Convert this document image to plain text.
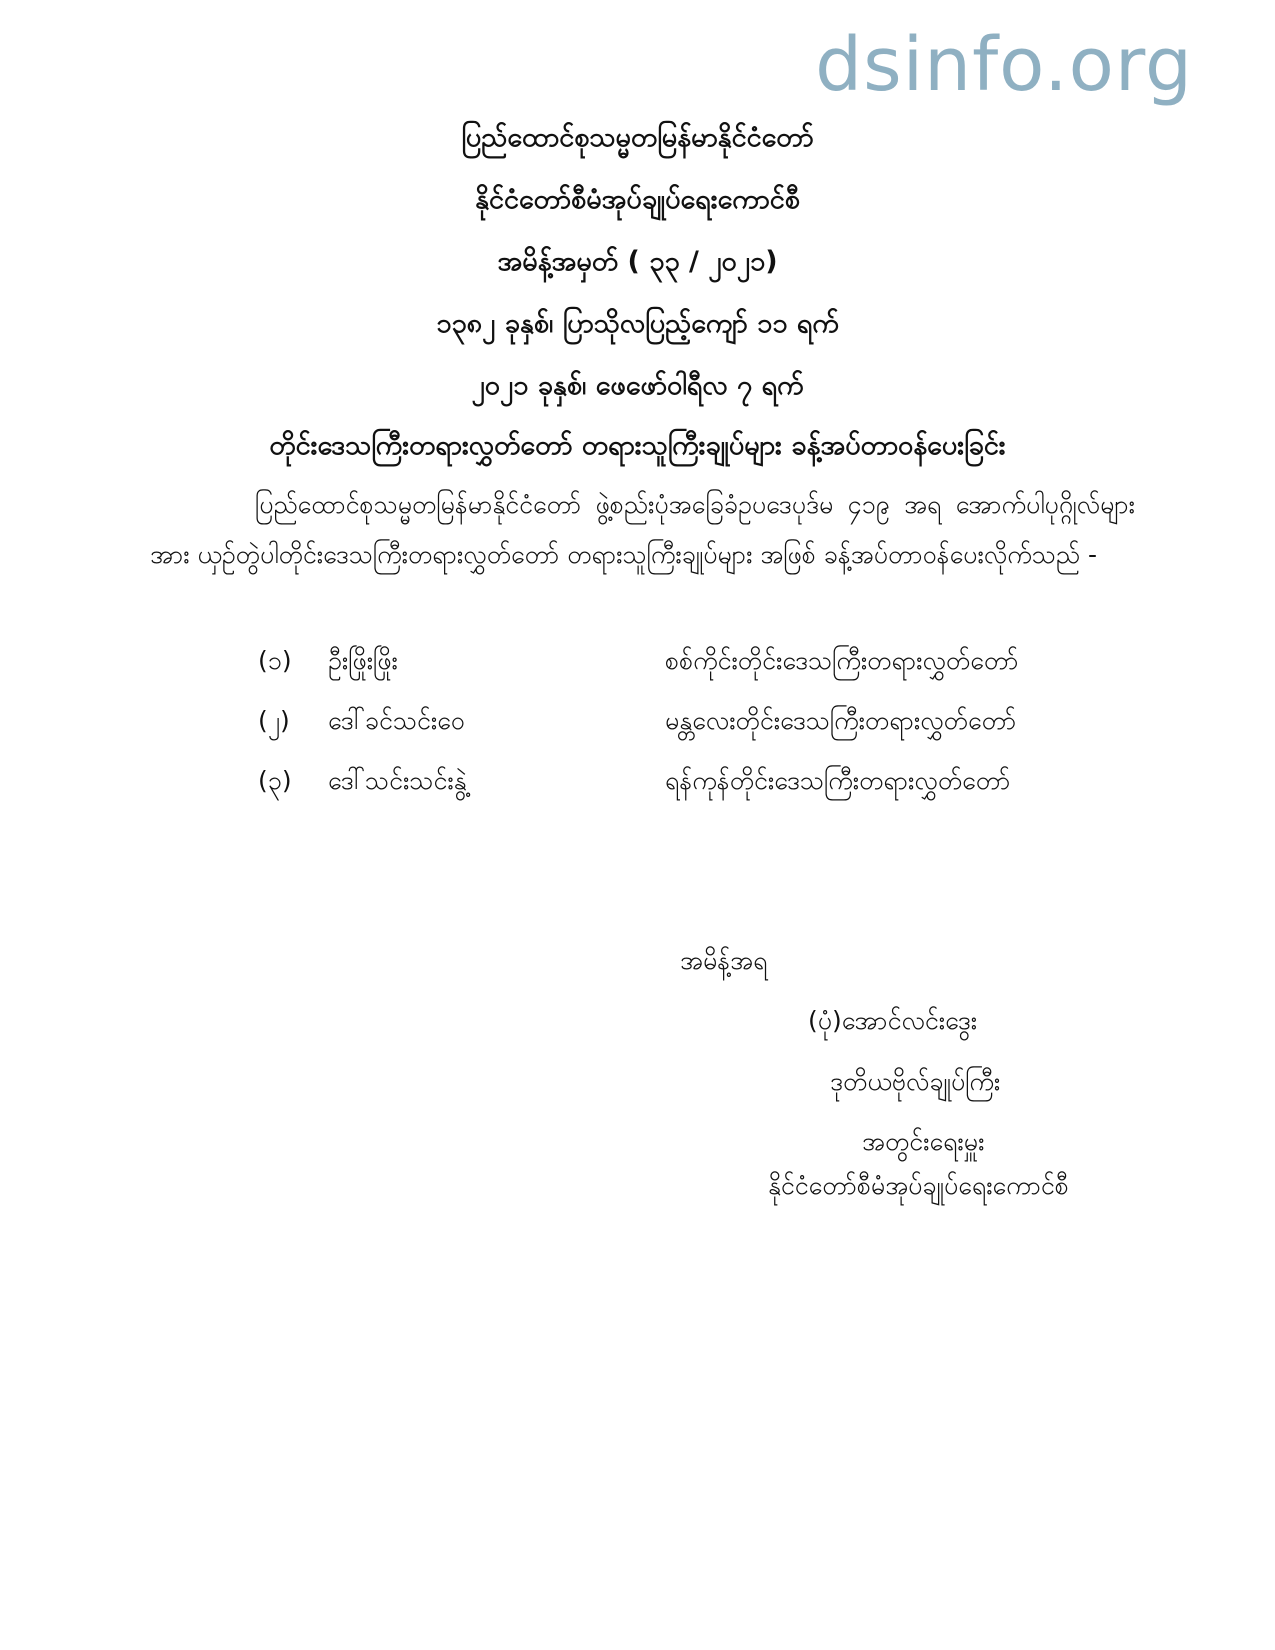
dsinfo.org
ပြည်ထောင်စုသမ္မတမြန်မာနိုင်ငံတော်
နိုင်ငံတော်စီမံအုပ်ချုပ်ရေးကောင်စီ
အမိန့်အမှတ် ( ၃၃ / ၂၀၂၁)
၁၃၈၂ ခုနှစ်၊ ပြာသိုလပြည့်ကျော် ၁၁ ရက်
၂၀၂၁ ခုနှစ်၊ ဖေဖော်ဝါရီလ ၇ ရက်
တိုင်းဒေသကြီးတရားလွှတ်တော် တရားသူကြီးချုပ်များ ခန့်အပ်တာဝန်ပေးခြင်း
ပြည်ထောင်စုသမ္မတမြန်မာနိုင်ငံတော် ဖွဲ့စည်းပုံအခြေခံဥပဒေပုဒ်မ ၄၁၉ အရ အောက်ပါပုဂ္ဂိုလ်များအား ယှဉ်တွဲပါတိုင်းဒေသကြီးတရားလွှတ်တော် တရားသူကြီးချုပ်များ အဖြစ် ခန့်အပ်တာဝန်ပေးလိုက်သည် -
(၁) ဦးဖြိုးဖြိုး	စစ်ကိုင်းတိုင်းဒေသကြီးတရားလွှတ်တော်
(၂) ဒေါ်ခင်သင်းဝေ	မန္တလေးတိုင်းဒေသကြီးတရားလွှတ်တော်
(၃) ဒေါ်သင်းသင်းနွဲ့	ရန်ကုန်တိုင်းဒေသကြီးတရားလွှတ်တော်
အမိန့်အရ
(ပုံ)အောင်လင်းဒွေး
ဒုတိယဗိုလ်ချုပ်ကြီး
အတွင်းရေးမှူး
နိုင်ငံတော်စီမံအုပ်ချုပ်ရေးကောင်စီ
